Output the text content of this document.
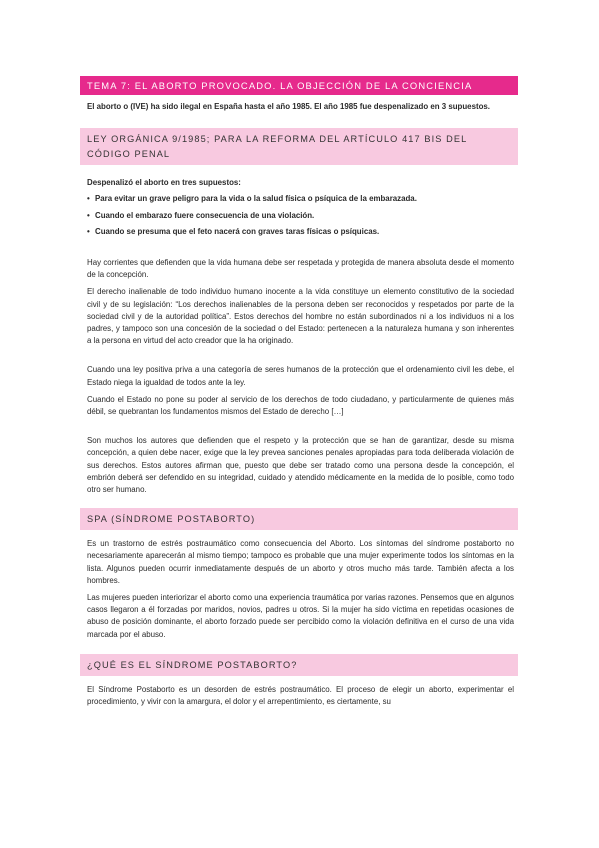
TEMA 7: EL ABORTO PROVOCADO. LA OBJECCIÓN DE LA CONCIENCIA

El aborto o (IVE) ha sido ilegal en España hasta el año 1985. El año 1985 fue despenalizado en 3 supuestos.

LEY ORGÁNICA 9/1985; PARA LA REFORMA DEL ARTÍCULO 417 BIS DEL CÓDIGO PENAL

Despenalizó el aborto en tres supuestos:

• Para evitar un grave peligro para la vida o la salud física o psíquica de la embarazada.
• Cuando el embarazo fuere consecuencia de una violación.
• Cuando se presuma que el feto nacerá con graves taras físicas o psíquicas.

Hay corrientes que defienden que la vida humana debe ser respetada y protegida de manera absoluta desde el momento de la concepción.

El derecho inalienable de todo individuo humano inocente a la vida constituye un elemento constitutivo de la sociedad civil y de su legislación: “Los derechos inalienables de la persona deben ser reconocidos y respetados por parte de la sociedad civil y de la autoridad política”. Estos derechos del hombre no están subordinados ni a los individuos ni a los padres, y tampoco son una concesión de la sociedad o del Estado: pertenecen a la naturaleza humana y son inherentes a la persona en virtud del acto creador que la ha originado.

Cuando una ley positiva priva a una categoría de seres humanos de la protección que el ordenamiento civil les debe, el Estado niega la igualdad de todos ante la ley.

Cuando el Estado no pone su poder al servicio de los derechos de todo ciudadano, y particularmente de quienes más débil, se quebrantan los fundamentos mismos del Estado de derecho […]

Son muchos los autores que defienden que el respeto y la protección que se han de garantizar, desde su misma concepción, a quien debe nacer, exige que la ley prevea sanciones penales apropiadas para toda deliberada violación de sus derechos. Estos autores afirman que, puesto que debe ser tratado como una persona desde la concepción, el embrión deberá ser defendido en su integridad, cuidado y atendido médicamente en la medida de lo posible, como todo otro ser humano.

SPA (SÍNDROME POSTABORTO)

Es un trastorno de estrés postraumático como consecuencia del Aborto. Los síntomas del síndrome postaborto no necesariamente aparecerán al mismo tiempo; tampoco es probable que una mujer experimente todos los síntomas en la lista. Algunos pueden ocurrir inmediatamente después de un aborto y otros mucho más tarde. También afecta a los hombres.

Las mujeres pueden interiorizar el aborto como una experiencia traumática por varias razones. Pensemos que en algunos casos llegaron a él forzadas por maridos, novios, padres u otros. Si la mujer ha sido víctima en repetidas ocasiones de abuso de posición dominante, el aborto forzado puede ser percibido como la violación definitiva en el curso de una vida marcada por el abuso.

¿QUÉ ES EL SÍNDROME POSTABORTO?

El Síndrome Postaborto es un desorden de estrés postraumático. El proceso de elegir un aborto, experimentar el procedimiento, y vivir con la amargura, el dolor y el arrepentimiento, es ciertamente, su
